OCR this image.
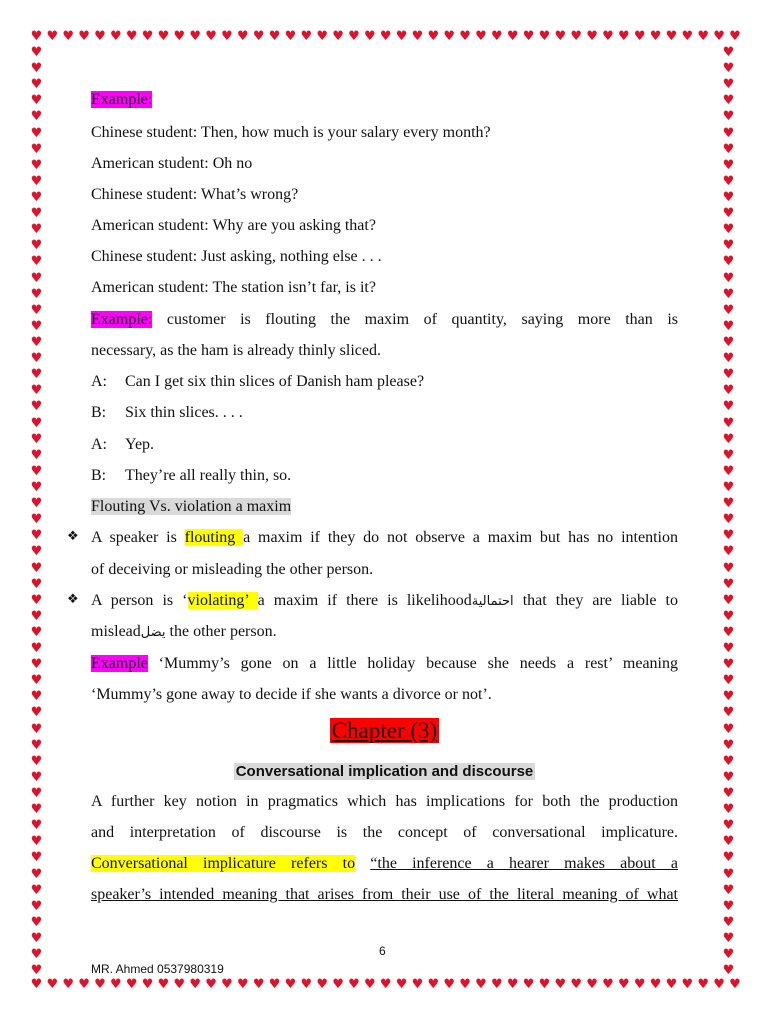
♥ ♥ ♥ ♥ ♥ ♥ ♥ ♥ ♥ ♥ ♥ ♥ ♥ ♥ ♥ ♥ ♥ ♥ ♥ ♥ ♥ ♥ ♥ ♥ ♥ ♥ ♥ ♥ ♥ ♥ ♥ ♥ ♥ ♥ ♥ ♥ ♥ ♥ ♥ ♥ ♥ ♥ ♥ ♥ ♥
♥ ♥ ♥ ♥ ♥ ♥ ♥ ♥ ♥ ♥ ♥ ♥ ♥ ♥ ♥ ♥ ♥ ♥ ♥ ♥ ♥ ♥ ♥ ♥ ♥ ♥ ♥ ♥ ♥ ♥ ♥ ♥ ♥ ♥ ♥ ♥ ♥ ♥ ♥ ♥ ♥ ♥ ♥ ♥ ♥
♥
♥
♥
♥
♥
♥
♥
♥
♥
♥
♥
♥
♥
♥
♥
♥
♥
♥
♥
♥
♥
♥
♥
♥
♥
♥
♥
♥
♥
♥
♥
♥
♥
♥
♥
♥
♥
♥
♥
♥
♥
♥
♥
♥
♥
♥
♥
♥
♥
♥
♥
♥
♥
♥
♥
♥
♥
♥
♥
♥
♥
♥
♥
♥
♥
♥
♥
♥
♥
♥
♥
♥
♥
♥
♥
♥
♥
♥
♥
♥
♥
♥
♥
♥
♥
♥
♥
♥
♥
♥
♥
♥
♥
♥
♥
♥
♥
♥
♥
♥
♥
♥
♥
♥
♥
♥
♥
♥
♥
♥
♥
♥
♥
♥
♥
♥
Example:
Chinese student: Then, how much is your salary every month?
American student: Oh no
Chinese student: What’s wrong?
American student: Why are you asking that?
Chinese student: Just asking, nothing else . . .
American student: The station isn’t far, is it?
Example: customer is flouting the maxim of quantity, saying more than is
necessary, as the ham is already thinly sliced.
A: Can I get six thin slices of Danish ham please?
B: Six thin slices. . . .
A: Yep.
B: They’re all really thin, so.
Flouting Vs. violation a maxim
❖ A speaker is flouting a maxim if they do not observe a maxim but has no intention
of deceiving or misleading the other person.
❖ A person is ‘violating’ a maxim if there is likelihoodاحتمالية that they are liable to
misleadيضل the other person.
Example ‘Mummy’s gone on a little holiday because she needs a rest’ meaning
‘Mummy’s gone away to decide if she wants a divorce or not’.
Chapter (3)
Conversational implication and discourse
A further key notion in pragmatics which has implications for both the production
and interpretation of discourse is the concept of conversational implicature.
Conversational implicature refers to “the inference a hearer makes about a
speaker’s intended meaning that arises from their use of the literal meaning of what
6
MR. Ahmed 0537980319
